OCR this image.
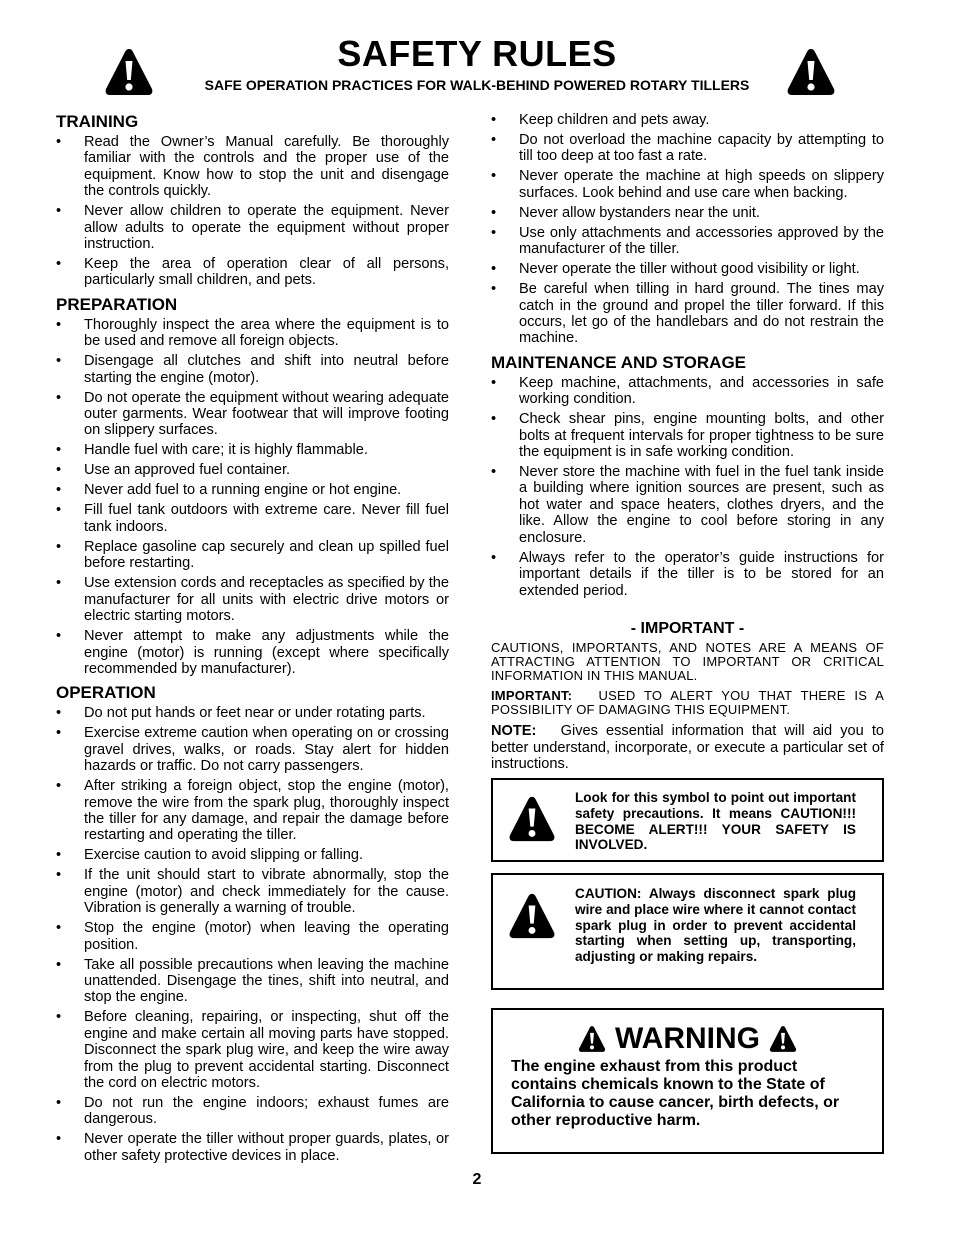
SAFETY RULES
SAFE OPERATION PRACTICES FOR WALK-BEHIND POWERED ROTARY TILLERS
TRAINING
• Read the Owner’s Manual carefully. Be thoroughly familiar with the controls and the proper use of the equipment. Know how to stop the unit and disengage the controls quickly.
• Never allow children to operate the equipment. Never allow adults to operate the equipment without proper instruction.
• Keep the area of operation clear of all persons, particularly small children, and pets.
PREPARATION
• Thoroughly inspect the area where the equipment is to be used and remove all foreign objects.
• Disengage all clutches and shift into neutral before starting the engine (motor).
• Do not operate the equipment without wearing adequate outer garments. Wear footwear that will improve footing on slippery surfaces.
• Handle fuel with care; it is highly flammable.
• Use an approved fuel container.
• Never add fuel to a running engine or hot engine.
• Fill fuel tank outdoors with extreme care. Never fill fuel tank indoors.
• Replace gasoline cap securely and clean up spilled fuel before restarting.
• Use extension cords and receptacles as specified by the manufacturer for all units with electric drive motors or electric starting motors.
• Never attempt to make any adjustments while the engine (motor) is running (except where specifically recommended by manufacturer).
OPERATION
• Do not put hands or feet near or under rotating parts.
• Exercise extreme caution when operating on or crossing gravel drives, walks, or roads. Stay alert for hidden hazards or traffic. Do not carry passengers.
• After striking a foreign object, stop the engine (motor), remove the wire from the spark plug, thoroughly inspect the tiller for any damage, and repair the damage before restarting and operating the tiller.
• Exercise caution to avoid slipping or falling.
• If the unit should start to vibrate abnormally, stop the engine (motor) and check immediately for the cause. Vibration is generally a warning of trouble.
• Stop the engine (motor) when leaving the operating position.
• Take all possible precautions when leaving the machine unattended. Disengage the tines, shift into neutral, and stop the engine.
• Before cleaning, repairing, or inspecting, shut off the engine and make certain all moving parts have stopped. Disconnect the spark plug wire, and keep the wire away from the plug to prevent accidental starting. Disconnect the cord on electric motors.
• Do not run the engine indoors; exhaust fumes are dangerous.
• Never operate the tiller without proper guards, plates, or other safety protective devices in place.
• Keep children and pets away.
• Do not overload the machine capacity by attempting to till too deep at too fast a rate.
• Never operate the machine at high speeds on slippery surfaces. Look behind and use care when backing.
• Never allow bystanders near the unit.
• Use only attachments and accessories approved by the manufacturer of the tiller.
• Never operate the tiller without good visibility or light.
• Be careful when tilling in hard ground. The tines may catch in the ground and propel the tiller forward. If this occurs, let go of the handlebars and do not restrain the machine.
MAINTENANCE AND STORAGE
• Keep machine, attachments, and accessories in safe working condition.
• Check shear pins, engine mounting bolts, and other bolts at frequent intervals for proper tightness to be sure the equipment is in safe working condition.
• Never store the machine with fuel in the fuel tank inside a building where ignition sources are present, such as hot water and space heaters, clothes dryers, and the like. Allow the engine to cool before storing in any enclosure.
• Always refer to the operator’s guide instructions for important details if the tiller is to be stored for an extended period.
- IMPORTANT -

CAUTIONS, IMPORTANTS, AND NOTES ARE A MEANS OF ATTRACTING ATTENTION TO IMPORTANT OR CRITICAL INFORMATION IN THIS MANUAL.

IMPORTANT: USED TO ALERT YOU THAT THERE IS A POSSIBILITY OF DAMAGING THIS EQUIPMENT.

NOTE: Gives essential information that will aid you to better understand, incorporate, or execute a particular set of instructions.

Look for this symbol to point out important safety precautions. It means CAUTION!!! BECOME ALERT!!! YOUR SAFETY IS INVOLVED.
CAUTION: Always disconnect spark plug wire and place wire where it cannot contact spark plug in order to prevent accidental starting when setting up, transporting, adjusting or making repairs.
WARNING
The engine exhaust from this product contains chemicals known to the State of California to cause cancer, birth defects, or other reproductive harm.
2
